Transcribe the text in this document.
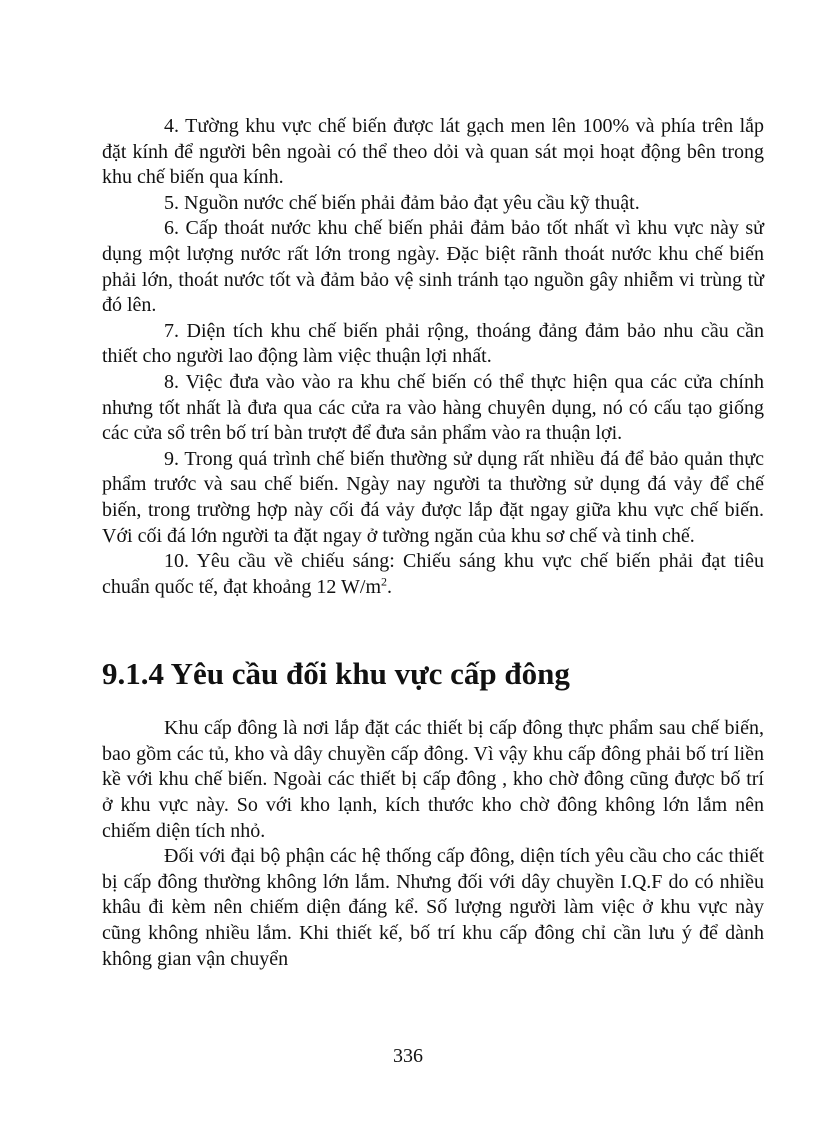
4. Tường khu vực chế biến được lát gạch men lên 100% và phía trên lắp đặt kính để người bên ngoài có thể theo dỏi và quan sát mọi hoạt động bên trong khu chế biến qua kính.

5. Nguồn nước chế biến phải đảm bảo đạt yêu cầu kỹ thuật.

6. Cấp thoát nước khu chế biến phải đảm bảo tốt nhất vì khu vực này sử dụng một lượng nước rất lớn trong ngày. Đặc biệt rãnh thoát nước khu chế biến phải lớn, thoát nước tốt và đảm bảo vệ sinh tránh tạo nguồn gây nhiễm vi trùng từ đó lên.

7. Diện tích khu chế biến phải rộng, thoáng đảng đảm bảo nhu cầu cần thiết cho người lao động làm việc thuận lợi nhất.

8. Việc đưa vào vào ra khu chế biến có thể thực hiện qua các cửa chính nhưng tốt nhất là đưa qua các cửa ra vào hàng chuyên dụng, nó có cấu tạo giống các cửa sổ trên bố trí bàn trượt để đưa sản phẩm vào ra thuận lợi.

9. Trong quá trình chế biến thường sử dụng rất nhiều đá để bảo quản thực phẩm trước và sau chế biến. Ngày nay người ta thường sử dụng đá vảy để chế biến, trong trường hợp này cối đá vảy được lắp đặt ngay giữa khu vực chế biến. Với cối đá lớn người ta đặt ngay ở tường ngăn của khu sơ chế và tinh chế.

10. Yêu cầu về chiếu sáng: Chiếu sáng khu vực chế biến phải đạt tiêu chuẩn quốc tế, đạt khoảng 12 $W/m^2$.

9.1.4 Yêu cầu đối khu vực cấp đông

Khu cấp đông là nơi lắp đặt các thiết bị cấp đông thực phẩm sau chế biến, bao gồm các tủ, kho và dây chuyền cấp đông. Vì vậy khu cấp đông phải bố trí liền kề với khu chế biến. Ngoài các thiết bị cấp đông , kho chờ đông cũng được bố trí ở khu vực này. So với kho lạnh, kích thước kho chờ đông không lớn lắm nên chiếm diện tích nhỏ.

Đối với đại bộ phận các hệ thống cấp đông, diện tích yêu cầu cho các thiết bị cấp đông thường không lớn lắm. Nhưng đối với dây chuyền I.Q.F do có nhiều khâu đi kèm nên chiếm diện đáng kể. Số lượng người làm việc ở khu vực này cũng không nhiều lắm. Khi thiết kế, bố trí khu cấp đông chỉ cần lưu ý để dành không gian vận chuyển

336
